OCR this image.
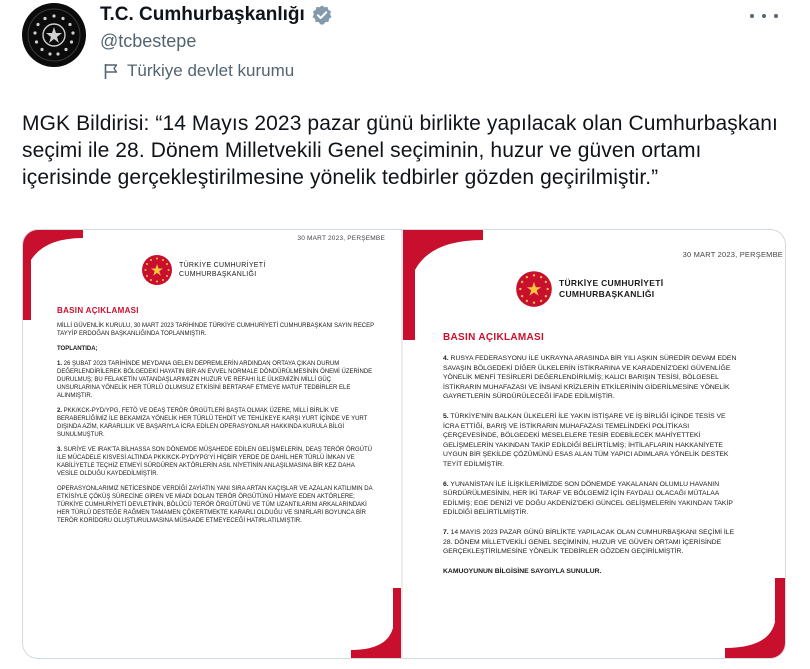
T.C. Cumhurbaşkanlığı
@tcbestepe
Türkiye devlet kurumu

MGK Bildirisi: “14 Mayıs 2023 pazar günü birlikte yapılacak olan Cumhurbaşkanı seçimi ile 28. Dönem Milletvekili Genel seçiminin, huzur ve güven ortamı içerisinde gerçekleştirilmesine yönelik tedbirler gözden geçirilmiştir.”

30 MART 2023, PERŞEMBE
TÜRKİYE CUMHURİYETİ
CUMHURBAŞKANLIĞI
BASIN AÇIKLAMASI

MİLLİ GÜVENLİK KURULU, 30 MART 2023 TARİHİNDE TÜRKİYE CUMHURİYETİ CUMHURBAŞKANI SAYIN RECEP TAYYİP ERDOĞAN BAŞKANLIĞINDA TOPLANMIŞTIR.

TOPLANTIDA;

1. 26 ŞUBAT 2023 TARİHİNDE MEYDANA GELEN DEPREMLERİN ARDINDAN ORTAYA ÇIKAN DURUM DEĞERLENDİRİLEREK BÖLGEDEKİ HAYATIN BİR AN EVVEL NORMALE DÖNDÜRÜLMESİNİN ÖNEMİ ÜZERİNDE DURULMUŞ; BU FELAKETİN VATANDAŞLARIMIZIN HUZUR VE REFAHI İLE ÜLKEMİZİN MİLLİ GÜÇ UNSURLARINA YÖNELİK HER TÜRLÜ OLUMSUZ ETKİSİNİ BERTARAF ETMEYE MATUF TEDBİRLER ELE ALINMIŞTIR.

2. PKK/KCK-PYD/YPG, FETÖ VE DEAŞ TERÖR ÖRGÜTLERİ BAŞTA OLMAK ÜZERE, MİLLİ BİRLİK VE BERABERLİĞİMİZ İLE BEKAMIZA YÖNELİK HER TÜRLÜ TEHDİT VE TEHLİKEYE KARŞI YURT İÇİNDE VE YURT DIŞINDA AZİM, KARARLILIK VE BAŞARIYLA İCRA EDİLEN OPERASYONLAR HAKKINDA KURULA BİLGİ SUNULMUŞTUR.

3. SURİYE VE IRAK'TA BİLHASSA SON DÖNEMDE MÜŞAHEDE EDİLEN GELİŞMELERİN, DEAŞ TERÖR ÖRGÜTÜ İLE MÜCADELE KISVESİ ALTINDA PKK/KCK-PYD/YPG'Yİ HİÇBİR YERDE DE DAHİL HER TÜRLÜ İMKAN VE KABİLİYETLE TEÇHİZ ETMEYİ SÜRDÜREN AKTÖRLERİN ASIL NİYETİNİN ANLAŞILMASINA BİR KEZ DAHA VESİLE OLDUĞU KAYDEDİLMİŞTİR.

OPERASYONLARIMIZ NETİCESİNDE VERDİĞİ ZAYİATIN YANI SIRA ARTAN KAÇIŞLAR VE AZALAN KATILIMIN DA ETKİSİYLE ÇÖKÜŞ SÜRECİNE GİREN VE MİADI DOLAN TERÖR ÖRGÜTÜNÜ HİMAYE EDEN AKTÖRLERE; TÜRKİYE CUMHURİYETİ DEVLETİNİN, BÖLÜCÜ TERÖR ÖRGÜTÜNÜ VE TÜM UZANTILARINI ARKALARINDAKİ HER TÜRLÜ DESTEĞE RAĞMEN TAMAMEN ÇÖKERTMEKTE KARARLI OLDUĞU VE SINIRLARI BOYUNCA BİR TERÖR KORİDORU OLUŞTURULMASINA MÜSAADE ETMEYECEĞİ HATIRLATILMIŞTIR.

30 MART 2023, PERŞEMBE
TÜRKİYE CUMHURİYETİ
CUMHURBAŞKANLIĞI
BASIN AÇIKLAMASI

4. RUSYA FEDERASYONU İLE UKRAYNA ARASINDA BİR YILI AŞKIN SÜREDİR DEVAM EDEN SAVAŞIN BÖLGEDEKİ DİĞER ÜLKELERİN İSTİKRARINA VE KARADENİZ'DEKİ GÜVENLİĞE YÖNELİK MENFİ TESİRLERİ DEĞERLENDİRİLMİŞ; KALICI BARIŞIN TESİSİ, BÖLGESEL İSTİKRARIN MUHAFAZASI VE İNSANİ KRİZLERİN ETKİLERİNİN GİDERİLMESİNE YÖNELİK GAYRETLERİN SÜRDÜRÜLECEĞİ İFADE EDİLMİŞTİR.

5. TÜRKİYE'NİN BALKAN ÜLKELERİ İLE YAKIN İSTİŞARE VE İŞ BİRLİĞİ İÇİNDE TESİS VE İCRA ETTİĞİ, BARIŞ VE İSTİKRARIN MUHAFAZASI TEMELİNDEKİ POLİTİKASI ÇERÇEVESİNDE, BÖLGEDEKİ MESELELERE TESİR EDEBİLECEK MAHİYETTEKİ GELİŞMELERİN YAKINDAN TAKİP EDİLDİĞİ BELİRTİLMİŞ; İHTİLAFLARIN HAKKANİYETE UYGUN BİR ŞEKİLDE ÇÖZÜMÜNÜ ESAS ALAN TÜM YAPICI ADIMLARA YÖNELİK DESTEK TEYİT EDİLMİŞTİR.

6. YUNANİSTAN İLE İLİŞKİLERİMİZDE SON DÖNEMDE YAKALANAN OLUMLU HAVANIN SÜRDÜRÜLMESİNİN, HER İKİ TARAF VE BÖLGEMİZ İÇİN FAYDALI OLACAĞI MÜTALAA EDİLMİŞ; EGE DENİZİ VE DOĞU AKDENİZ'DEKİ GÜNCEL GELİŞMELERİN YAKINDAN TAKİP EDİLDİĞİ BELİRTİLMİŞTİR.

7. 14 MAYIS 2023 PAZAR GÜNÜ BİRLİKTE YAPILACAK OLAN CUMHURBAŞKANI SEÇİMİ İLE 28. DÖNEM MİLLETVEKİLİ GENEL SEÇİMİNİN, HUZUR VE GÜVEN ORTAMI İÇERİSİNDE GERÇEKLEŞTİRİLMESİNE YÖNELİK TEDBİRLER GÖZDEN GEÇİRİLMİŞTİR.

KAMUOYUNUN BİLGİSİNE SAYGIYLA SUNULUR.
